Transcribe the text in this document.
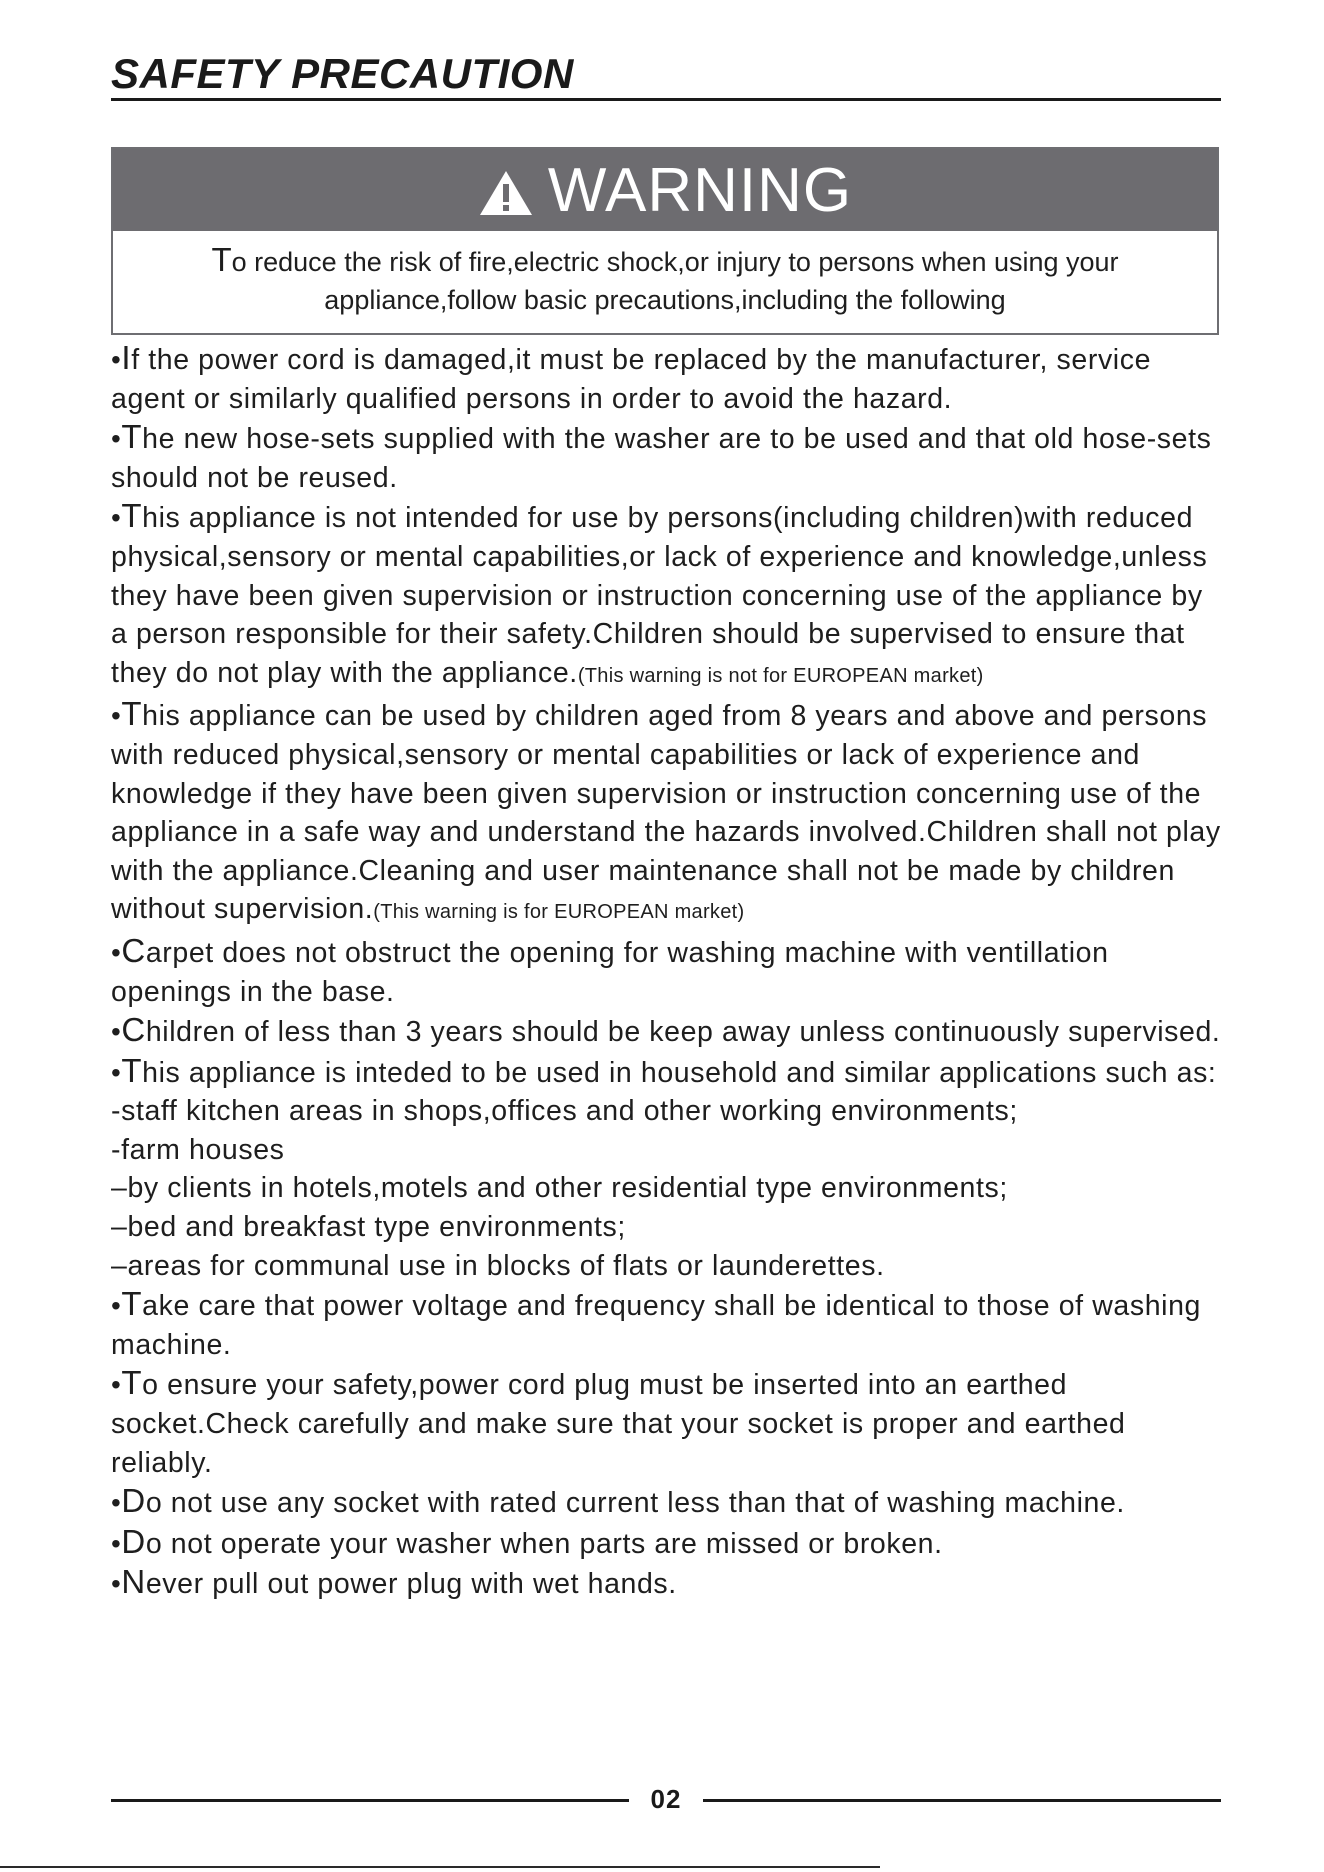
SAFETY PRECAUTION
WARNING
To reduce the risk of fire,electric shock,or injury to persons when using your
appliance,follow basic precautions,including the following

•If the power cord is damaged,it must be replaced by the manufacturer, service agent or similarly qualified persons in order to avoid the hazard.

•The new hose-sets supplied with the washer are to be used and that old hose-sets should not be reused.

•This appliance is not intended for use by persons(including children)with reduced physical,sensory or mental capabilities,or lack of experience and knowledge,unless they have been given supervision or instruction concerning use of the appliance by a person responsible for their safety.Children should be supervised to ensure that they do not play with the appliance.(This warning is not for EUROPEAN market)

•This appliance can be used by children aged from 8 years and above and persons with reduced physical,sensory or mental capabilities or lack of experience and knowledge if they have been given supervision or instruction concerning use of the appliance in a safe way and understand the hazards involved.Children shall not play with the appliance.Cleaning and user maintenance shall not be made by children without supervision.(This warning is for EUROPEAN market)

•Carpet does not obstruct the opening for washing machine with ventillation openings in the base.

•Children of less than 3 years should be keep away unless continuously supervised.

•This appliance is inteded to be used in household and similar applications such as:

-staff kitchen areas in shops,offices and other working environments;

-farm houses

–by clients in hotels,motels and other residential type environments;

–bed and breakfast type environments;

–areas for communal use in blocks of flats or launderettes.

•Take care that power voltage and frequency shall be identical to those of washing machine.

•To ensure your safety,power cord plug must be inserted into an earthed socket.Check carefully and make sure that your socket is proper and earthed reliably.

•Do not use any socket with rated current less than that of washing machine.

•Do not operate your washer when parts are missed or broken.

•Never pull out power plug with wet hands.

02
